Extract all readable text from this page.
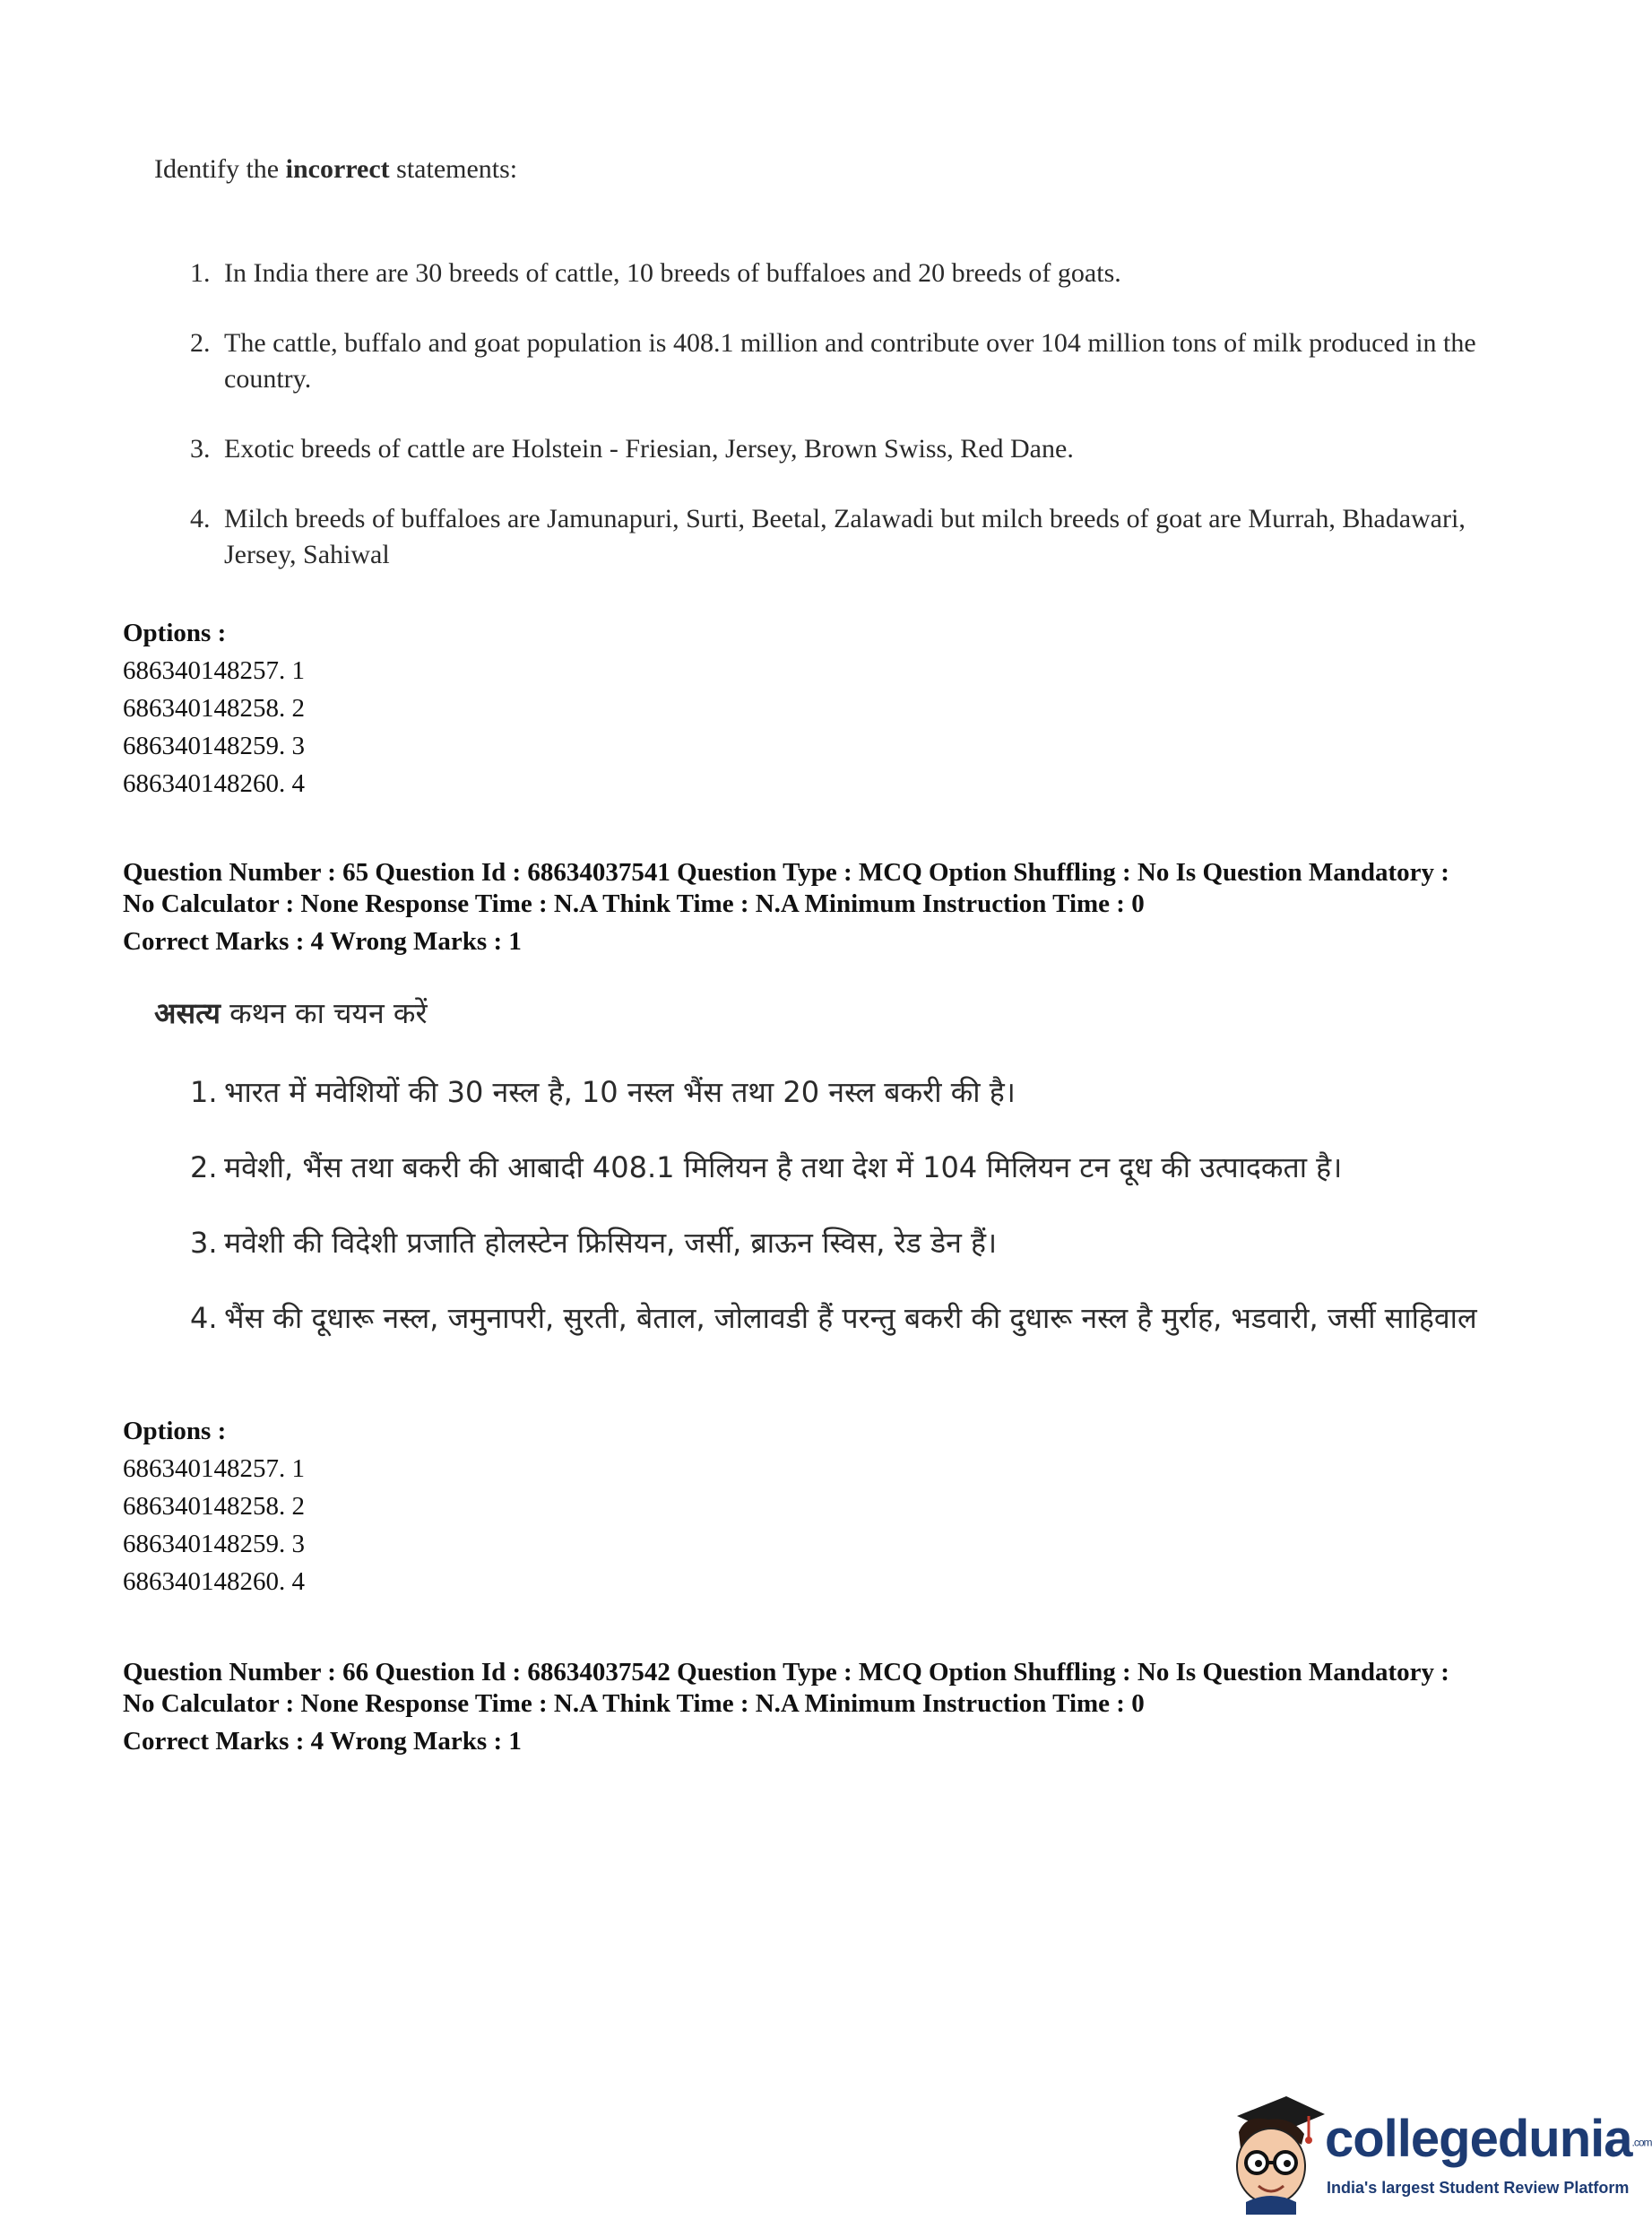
Identify the incorrect statements:
1. In India there are 30 breeds of cattle, 10 breeds of buffaloes and 20 breeds of goats.
2. The cattle, buffalo and goat population is 408.1 million and contribute over 104 million tons of milk produced in the country.
3. Exotic breeds of cattle are Holstein - Friesian, Jersey, Brown Swiss, Red Dane.
4. Milch breeds of buffaloes are Jamunapuri, Surti, Beetal, Zalawadi but milch breeds of goat are Murrah, Bhadawari, Jersey, Sahiwal
Options :
686340148257. 1
686340148258. 2
686340148259. 3
686340148260. 4
Question Number : 65 Question Id : 68634037541 Question Type : MCQ Option Shuffling : No Is Question Mandatory :
No Calculator : None Response Time : N.A Think Time : N.A Minimum Instruction Time : 0
Correct Marks : 4 Wrong Marks : 1
असत्य कथन का चयन करें
1. भारत में मवेशियों की 30 नस्ल है, 10 नस्ल भैंस तथा 20 नस्ल बकरी की है।
2. मवेशी, भैंस तथा बकरी की आबादी 408.1 मिलियन है तथा देश में 104 मिलियन टन दूध की उत्पादकता है।
3. मवेशी की विदेशी प्रजाति होलस्टेन फ्रिसियन, जर्सी, ब्राऊन स्विस, रेड डेन हैं।
4. भैंस की दूधारू नस्ल, जमुनापरी, सुरती, बेताल, जोलावडी हैं परन्तु बकरी की दुधारू नस्ल है मुर्राह, भडवारी, जर्सी साहिवाल
Options :
686340148257. 1
686340148258. 2
686340148259. 3
686340148260. 4
Question Number : 66 Question Id : 68634037542 Question Type : MCQ Option Shuffling : No Is Question Mandatory :
No Calculator : None Response Time : N.A Think Time : N.A Minimum Instruction Time : 0
Correct Marks : 4 Wrong Marks : 1
collegedunia.com
India's largest Student Review Platform
